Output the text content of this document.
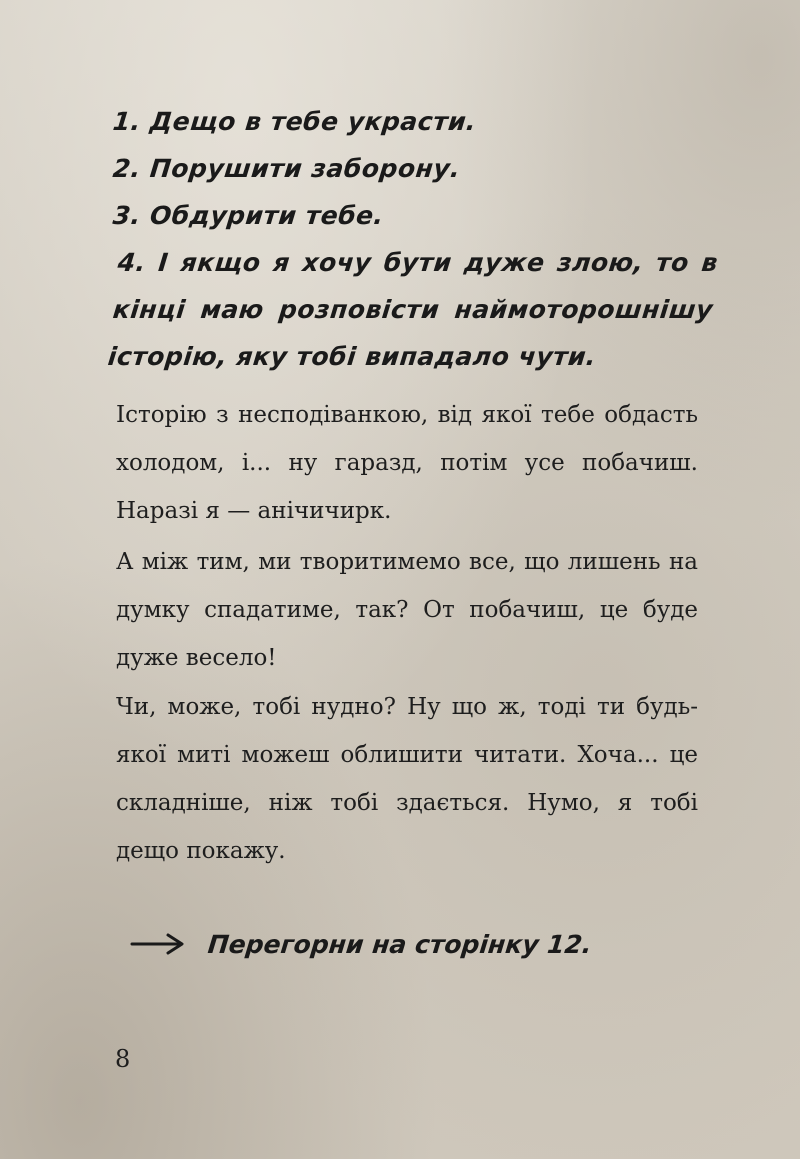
1. Дещо в тебе украсти.
2. Порушити заборону.
3. Обдурити тебе.
4. І якщо я хочу бути дуже злою, то в кінці маю розповісти наймоторошнішу історію, яку тобі випадало чути.

Історію з несподіванкою, від якої тебе обдасть холодом, і... ну гаразд, потім усе побачиш. Наразі я — анічичирк.

А між тим, ми творитимемо все, що лишень на думку спадатиме, так? От побачиш, це буде дуже весело!

Чи, може, тобі нудно? Ну що ж, тоді ти будь-якої миті можеш облишити читати. Хоча... це складніше, ніж тобі здається. Нумо, я тобі дещо покажу.

Перегорни на сторінку 12.
8
